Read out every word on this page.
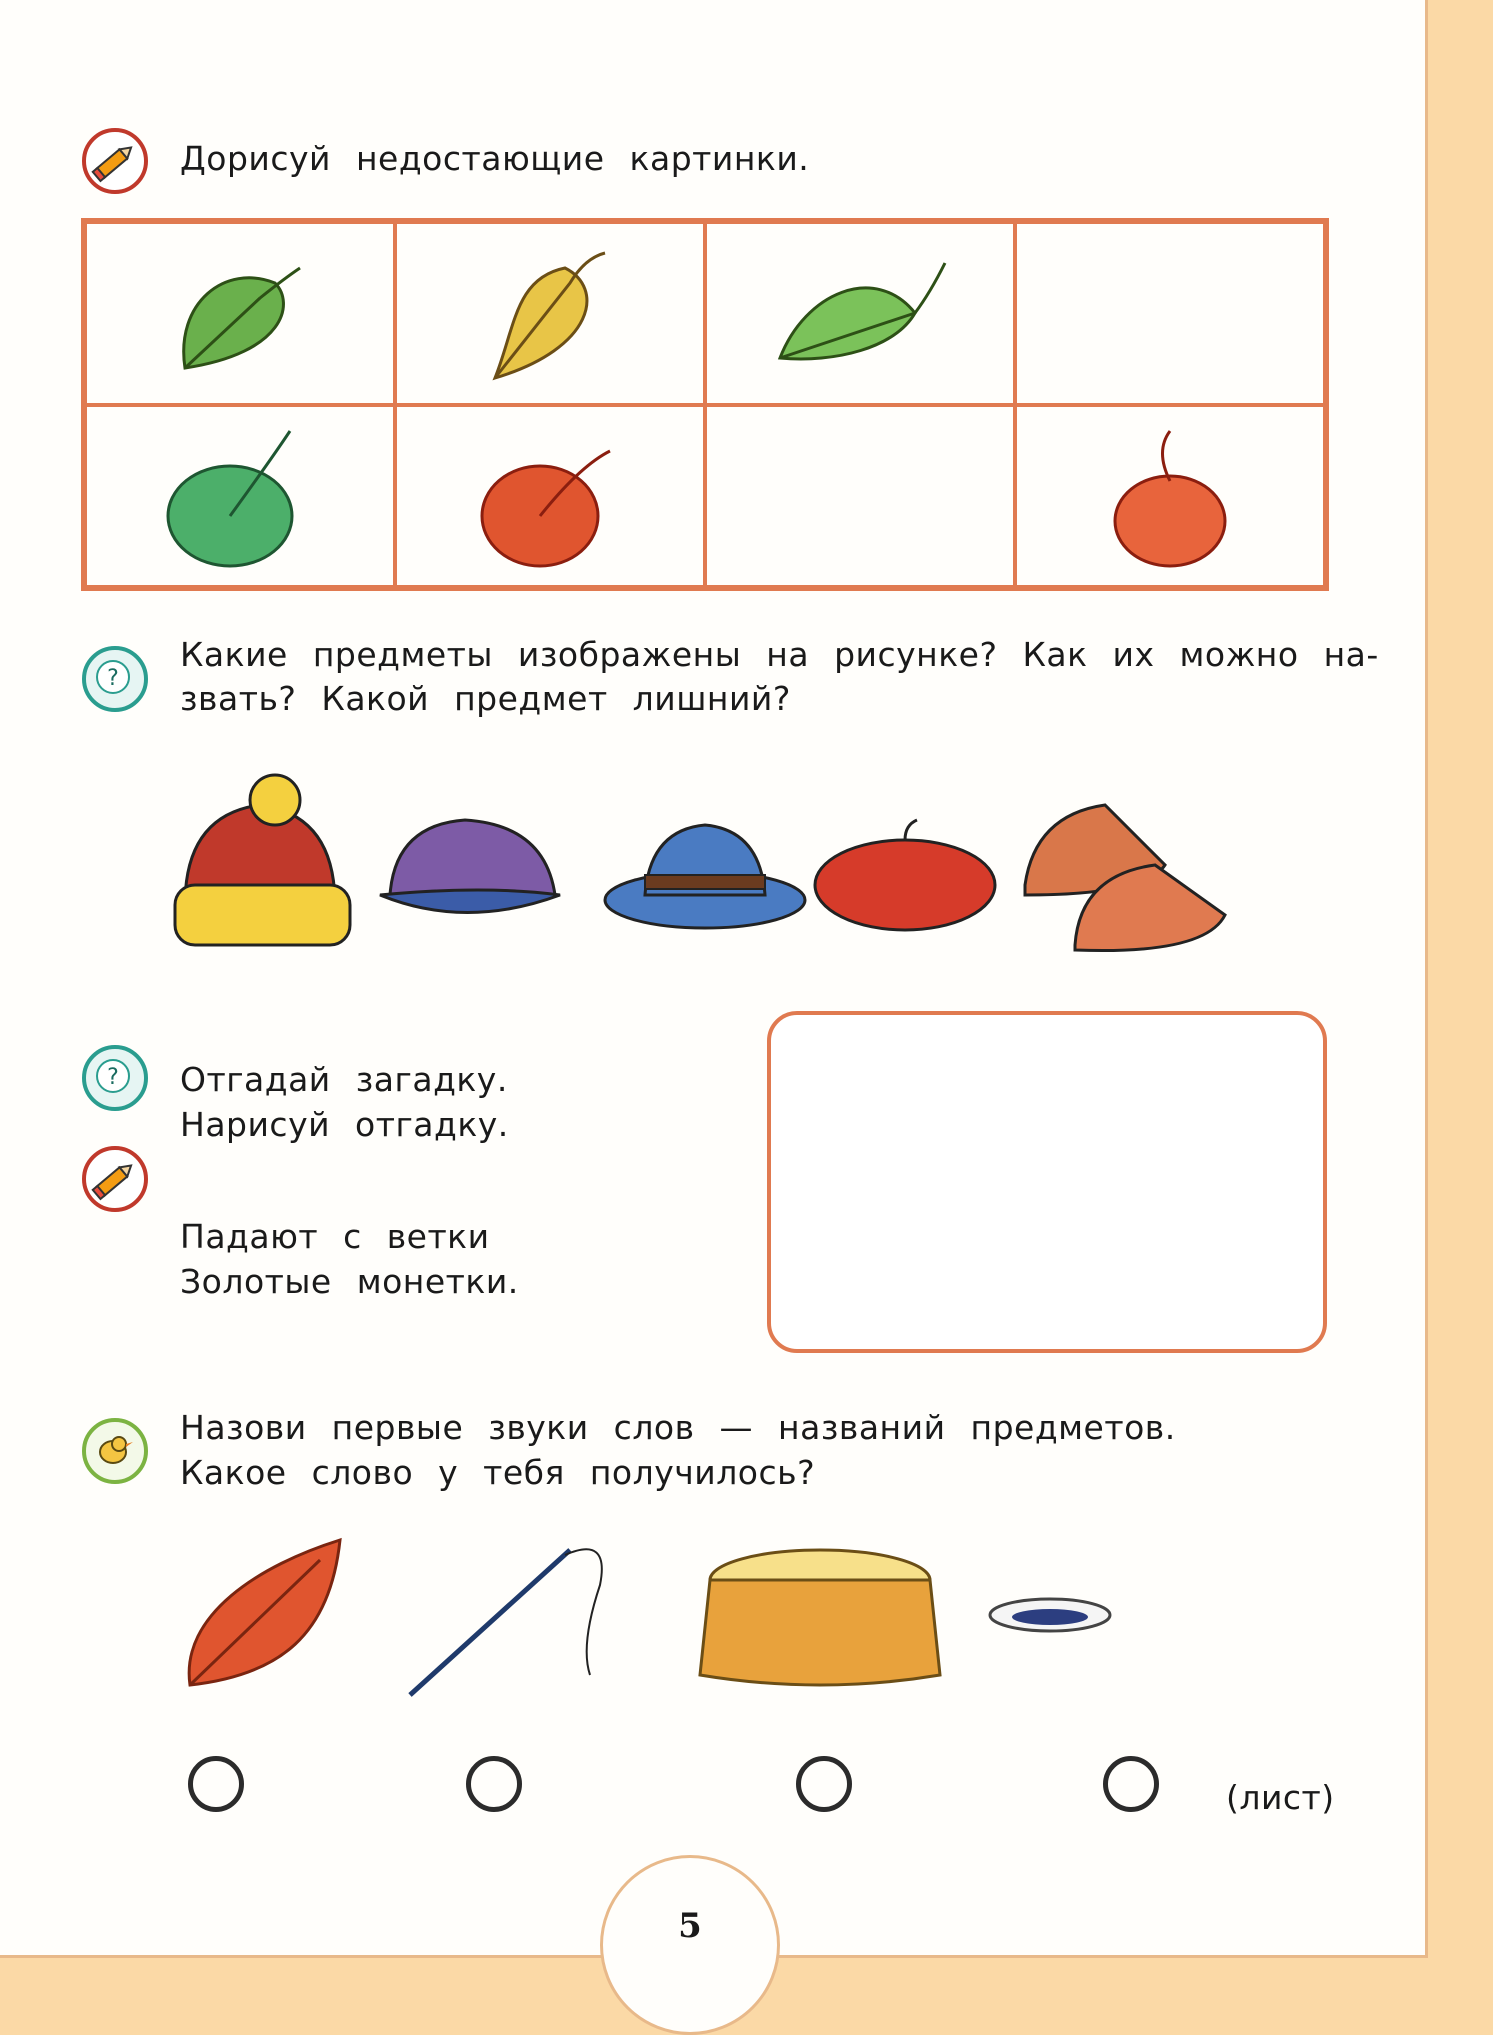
Дорисуй недостающие картинки.
?
Какие предметы изображены на рисунке? Как их можно на-
звать? Какой предмет лишний?
? Отгадай загадку.
Нарисуй отгадку.
Падают с ветки
Золотые монетки.
Назови первые звуки слов — названий предметов.
Какое слово у тебя получилось?
(лист)
5
